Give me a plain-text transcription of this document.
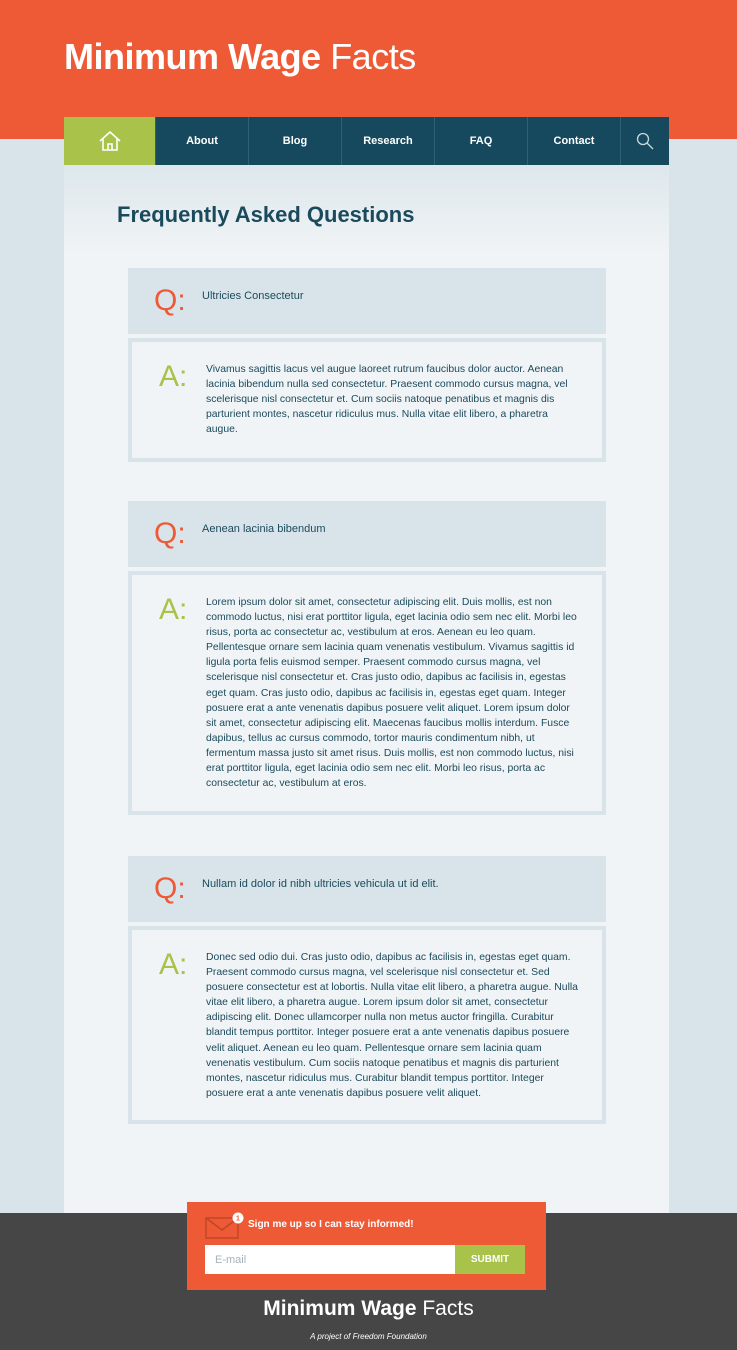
Minimum Wage Facts
About	Blog	Research	FAQ	Contact
Frequently Asked Questions
Q: Ultricies Consectetur
A: Vivamus sagittis lacus vel augue laoreet rutrum faucibus dolor auctor. Aenean lacinia bibendum nulla sed consectetur. Praesent commodo cursus magna, vel scelerisque nisl consectetur et. Cum sociis natoque penatibus et magnis dis parturient montes, nascetur ridiculus mus. Nulla vitae elit libero, a pharetra augue.

Q: Aenean lacinia bibendum
A: Lorem ipsum dolor sit amet, consectetur adipiscing elit. Duis mollis, est non commodo luctus, nisi erat porttitor ligula, eget lacinia odio sem nec elit. Morbi leo risus, porta ac consectetur ac, vestibulum at eros. Aenean eu leo quam. Pellentesque ornare sem lacinia quam venenatis vestibulum. Vivamus sagittis id ligula porta felis euismod semper. Praesent commodo cursus magna, vel scelerisque nisl consectetur et. Cras justo odio, dapibus ac facilisis in, egestas eget quam. Cras justo odio, dapibus ac facilisis in, egestas eget quam. Integer posuere erat a ante venenatis dapibus posuere velit aliquet. Lorem ipsum dolor sit amet, consectetur adipiscing elit. Maecenas faucibus mollis interdum. Fusce dapibus, tellus ac cursus commodo, tortor mauris condimentum nibh, ut fermentum massa justo sit amet risus. Duis mollis, est non commodo luctus, nisi erat porttitor ligula, eget lacinia odio sem nec elit. Morbi leo risus, porta ac consectetur ac, vestibulum at eros.

Q: Nullam id dolor id nibh ultricies vehicula ut id elit.
A: Donec sed odio dui. Cras justo odio, dapibus ac facilisis in, egestas eget quam. Praesent commodo cursus magna, vel scelerisque nisl consectetur et. Sed posuere consectetur est at lobortis. Nulla vitae elit libero, a pharetra augue. Nulla vitae elit libero, a pharetra augue. Lorem ipsum dolor sit amet, consectetur adipiscing elit. Donec ullamcorper nulla non metus auctor fringilla. Curabitur blandit tempus porttitor. Integer posuere erat a ante venenatis dapibus posuere velit aliquet. Aenean eu leo quam. Pellentesque ornare sem lacinia quam venenatis vestibulum. Cum sociis natoque penatibus et magnis dis parturient montes, nascetur ridiculus mus. Curabitur blandit tempus porttitor. Integer posuere erat a ante venenatis dapibus posuere velit aliquet.

1 Sign me up so I can stay informed!
E-mail
SUBMIT
Minimum Wage Facts
A project of Freedom Foundation
